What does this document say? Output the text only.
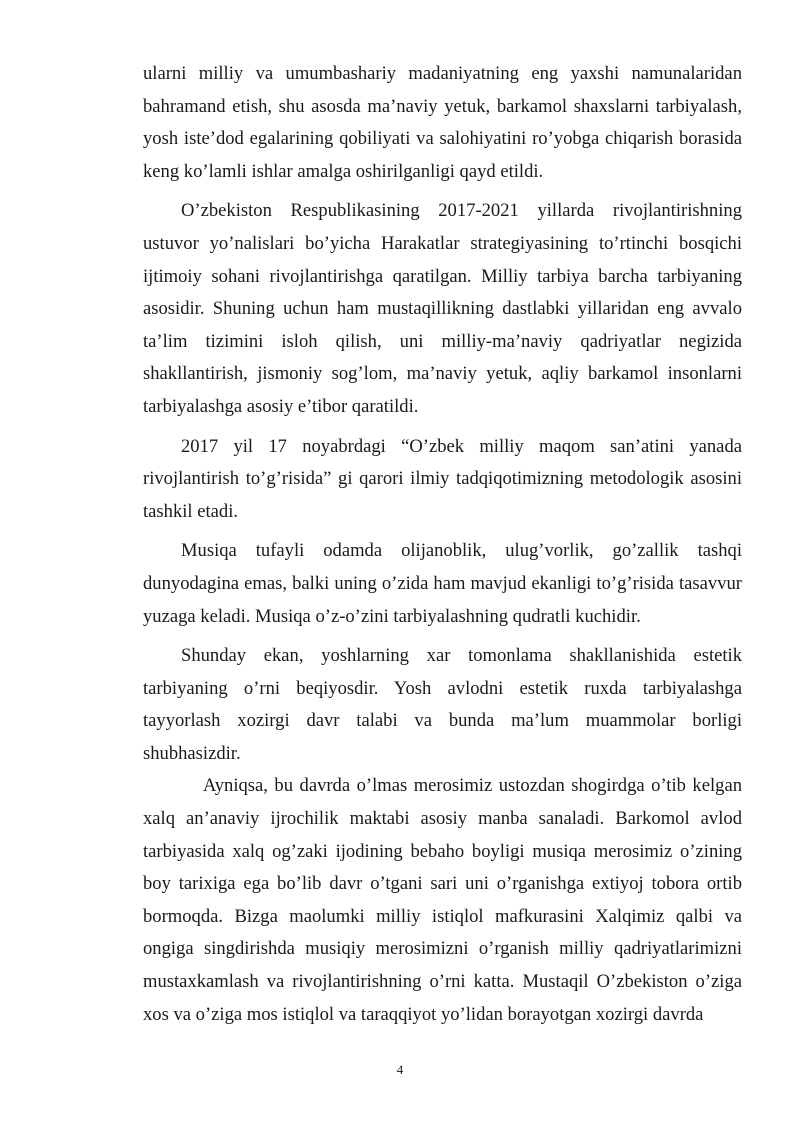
ularni milliy va umumbashariy madaniyatning eng yaxshi namunalaridan bahramand etish, shu asosda ma’naviy yetuk, barkamol shaxslarni tarbiyalash, yosh iste’dod egalarining qobiliyati va salohiyatini ro’yobga chiqarish borasida keng ko’lamli ishlar amalga oshirilganligi qayd etildi.

O’zbekiston Respublikasining 2017-2021 yillarda rivojlantirishning ustuvor yo’nalislari bo’yicha Harakatlar strategiyasining to’rtinchi bosqichi ijtimoiy sohani rivojlantirishga qaratilgan. Milliy tarbiya barcha tarbiyaning asosidir. Shuning uchun ham mustaqillikning dastlabki yillaridan eng avvalo ta’lim tizimini isloh qilish, uni milliy-ma’naviy qadriyatlar negizida shakllantirish, jismoniy sog’lom, ma’naviy yetuk, aqliy barkamol insonlarni tarbiyalashga asosiy e’tibor qaratildi.

2017 yil 17 noyabrdagi “O’zbek milliy maqom san’atini yanada rivojlantirish to’g’risida” gi qarori ilmiy tadqiqotimizning metodologik asosini tashkil etadi.

Musiqa tufayli odamda olijanoblik, ulug’vorlik, go’zallik tashqi dunyodagina emas, balki uning o’zida ham mavjud ekanligi to’g’risida tasavvur yuzaga keladi. Musiqa o’z-o’zini tarbiyalashning qudratli kuchidir.

Shunday ekan, yoshlarning xar tomonlama shakllanishida estetik tarbiyaning o’rni beqiyosdir. Yosh avlodni estetik ruxda tarbiyalashga tayyorlash xozirgi davr talabi va bunda ma’lum muammolar borligi shubhasizdir.

Ayniqsa, bu davrda o’lmas merosimiz ustozdan shogirdga o’tib kelgan xalq an’anaviy ijrochilik maktabi asosiy manba sanaladi. Barkomol avlod tarbiyasida xalq og’zaki ijodining bebaho boyligi musiqa merosimiz o’zining boy tarixiga ega bo’lib davr o’tgani sari uni o’rganishga extiyoj tobora ortib bormoqda. Bizga maolumki milliy istiqlol mafkurasini Xalqimiz qalbi va ongiga singdirishda musiqiy merosimizni o’rganish milliy qadriyatlarimizni mustaxkamlash va rivojlantirishning o’rni katta. Mustaqil O’zbekiston o’ziga xos va o’ziga mos istiqlol va taraqqiyot yo’lidan borayotgan xozirgi davrda

4
